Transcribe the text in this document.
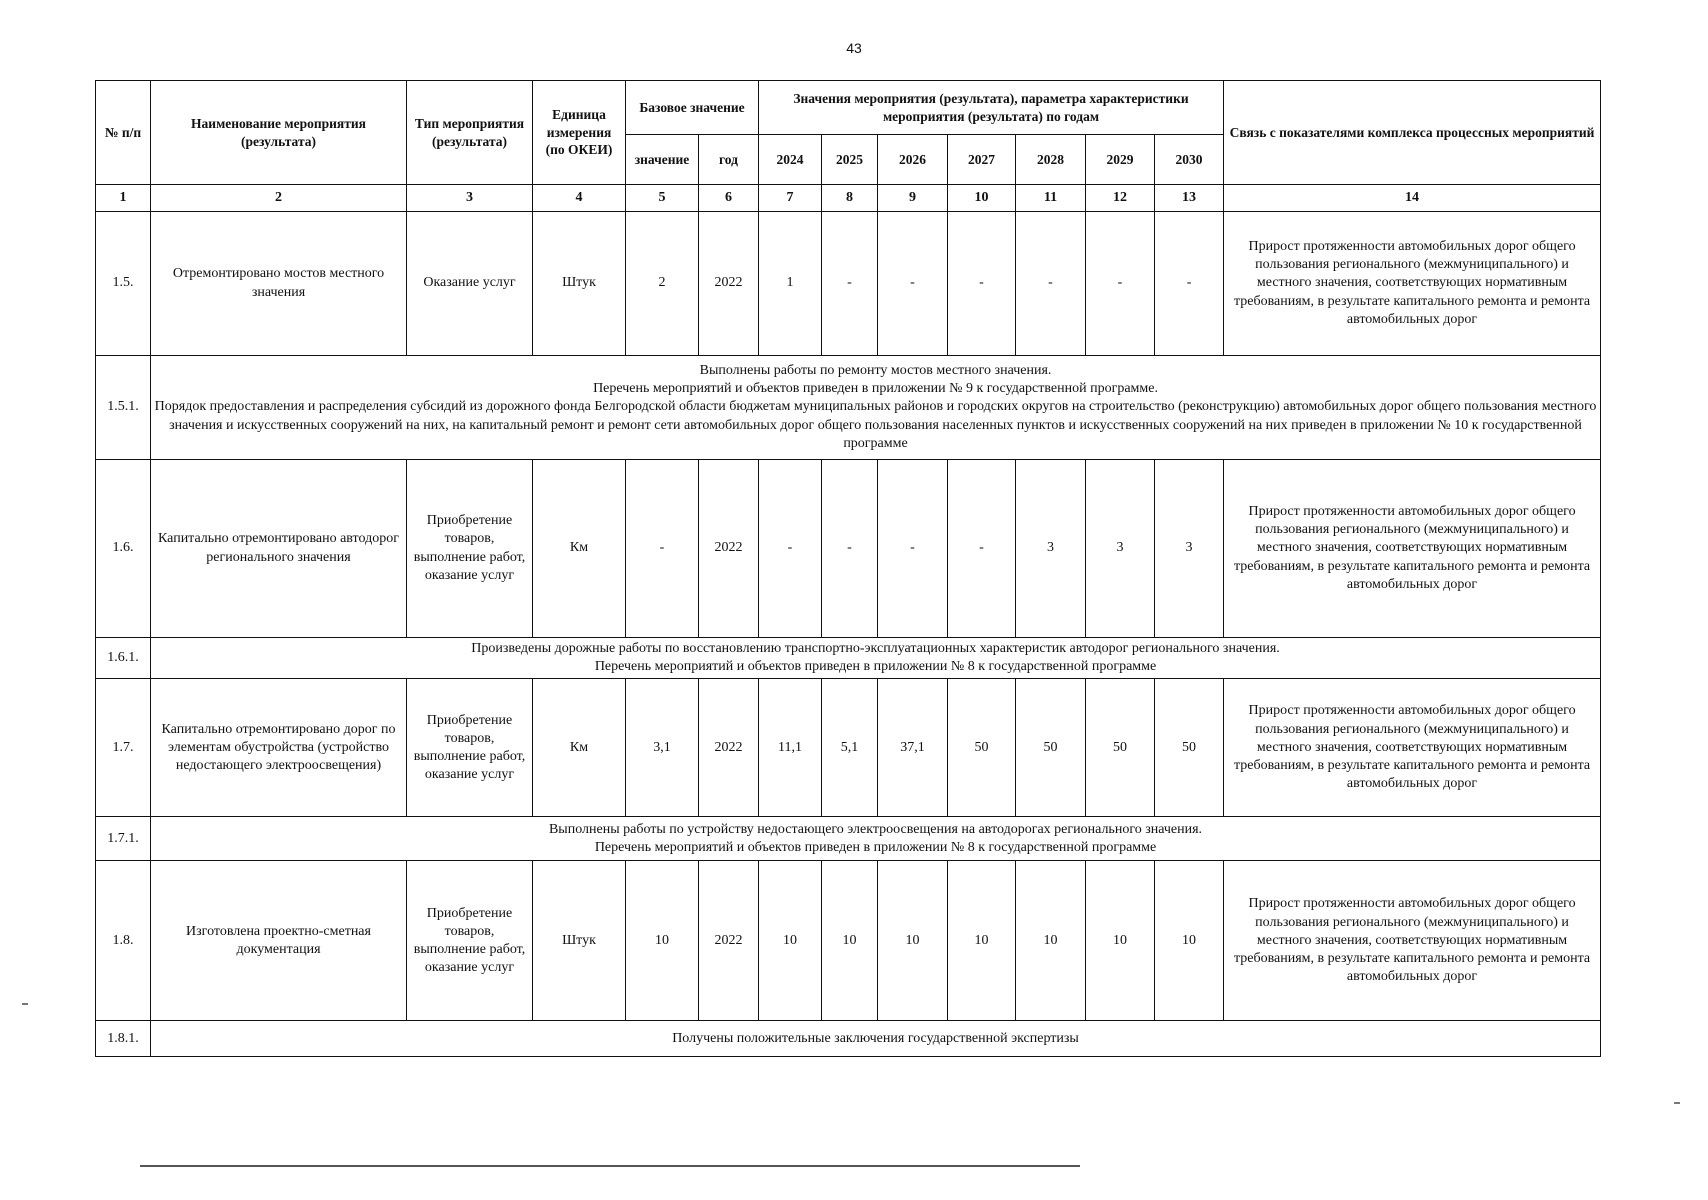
43
№ п/п	Наименование мероприятия (результата)	Тип мероприятия (результата)	Единица измерения (по ОКЕИ)	Базовое значение		Значения мероприятия (результата), параметра характеристики мероприятия (результата) по годам							Связь с показателями комплекса процессных мероприятий
				значение	год	2024	2025	2026	2027	2028	2029	2030	
1	2	3	4	5	6	7	8	9	10	11	12	13	14
1.5.	Отремонтировано мостов местного значения	Оказание услуг	Штук	2	2022	1	-	-	-	-	-	-	Прирост протяженности автомобильных дорог общего пользования регионального (межмуниципального) и местного значения, соответствующих нормативным требованиям, в результате капитального ремонта и ремонта автомобильных дорог
1.5.1.	Выполнены работы по ремонту мостов местного значения.
Перечень мероприятий и объектов приведен в приложении № 9 к государственной программе.
Порядок предоставления и распределения субсидий из дорожного фонда Белгородской области бюджетам муниципальных районов и городских округов на строительство (реконструкцию) автомобильных дорог общего пользования местного значения и искусственных сооружений на них, на капитальный ремонт и ремонт сети автомобильных дорог общего пользования населенных пунктов и искусственных сооружений на них приведен в приложении № 10 к государственной программе												

1.6.	Капитально отремонтировано автодорог регионального значения	Приобретение товаров, выполнение работ, оказание услуг	Км	-	2022	-	-	-	-	3	3	3	Прирост протяженности автомобильных дорог общего пользования регионального (межмуниципального) и местного значения, соответствующих нормативным требованиям, в результате капитального ремонта и ремонта автомобильных дорог
1.6.1.	Произведены дорожные работы по восстановлению транспортно-эксплуатационных характеристик автодорог регионального значения.
Перечень мероприятий и объектов приведен в приложении № 8 к государственной программе												

1.7.	Капитально отремонтировано дорог по элементам обустройства (устройство недостающего электроосвещения)	Приобретение товаров, выполнение работ, оказание услуг	Км	3,1	2022	11,1	5,1	37,1	50	50	50	50	Прирост протяженности автомобильных дорог общего пользования регионального (межмуниципального) и местного значения, соответствующих нормативным требованиям, в результате капитального ремонта и ремонта автомобильных дорог
1.7.1.	Выполнены работы по устройству недостающего электроосвещения на автодорогах регионального значения.
Перечень мероприятий и объектов приведен в приложении № 8 к государственной программе												

1.8.	Изготовлена проектно-сметная документация	Приобретение товаров, выполнение работ, оказание услуг	Штук	10	2022	10	10	10	10	10	10	10	Прирост протяженности автомобильных дорог общего пользования регионального (межмуниципального) и местного значения, соответствующих нормативным требованиям, в результате капитального ремонта и ремонта автомобильных дорог
1.8.1.	Получены положительные заключения государственной экспертизы												
